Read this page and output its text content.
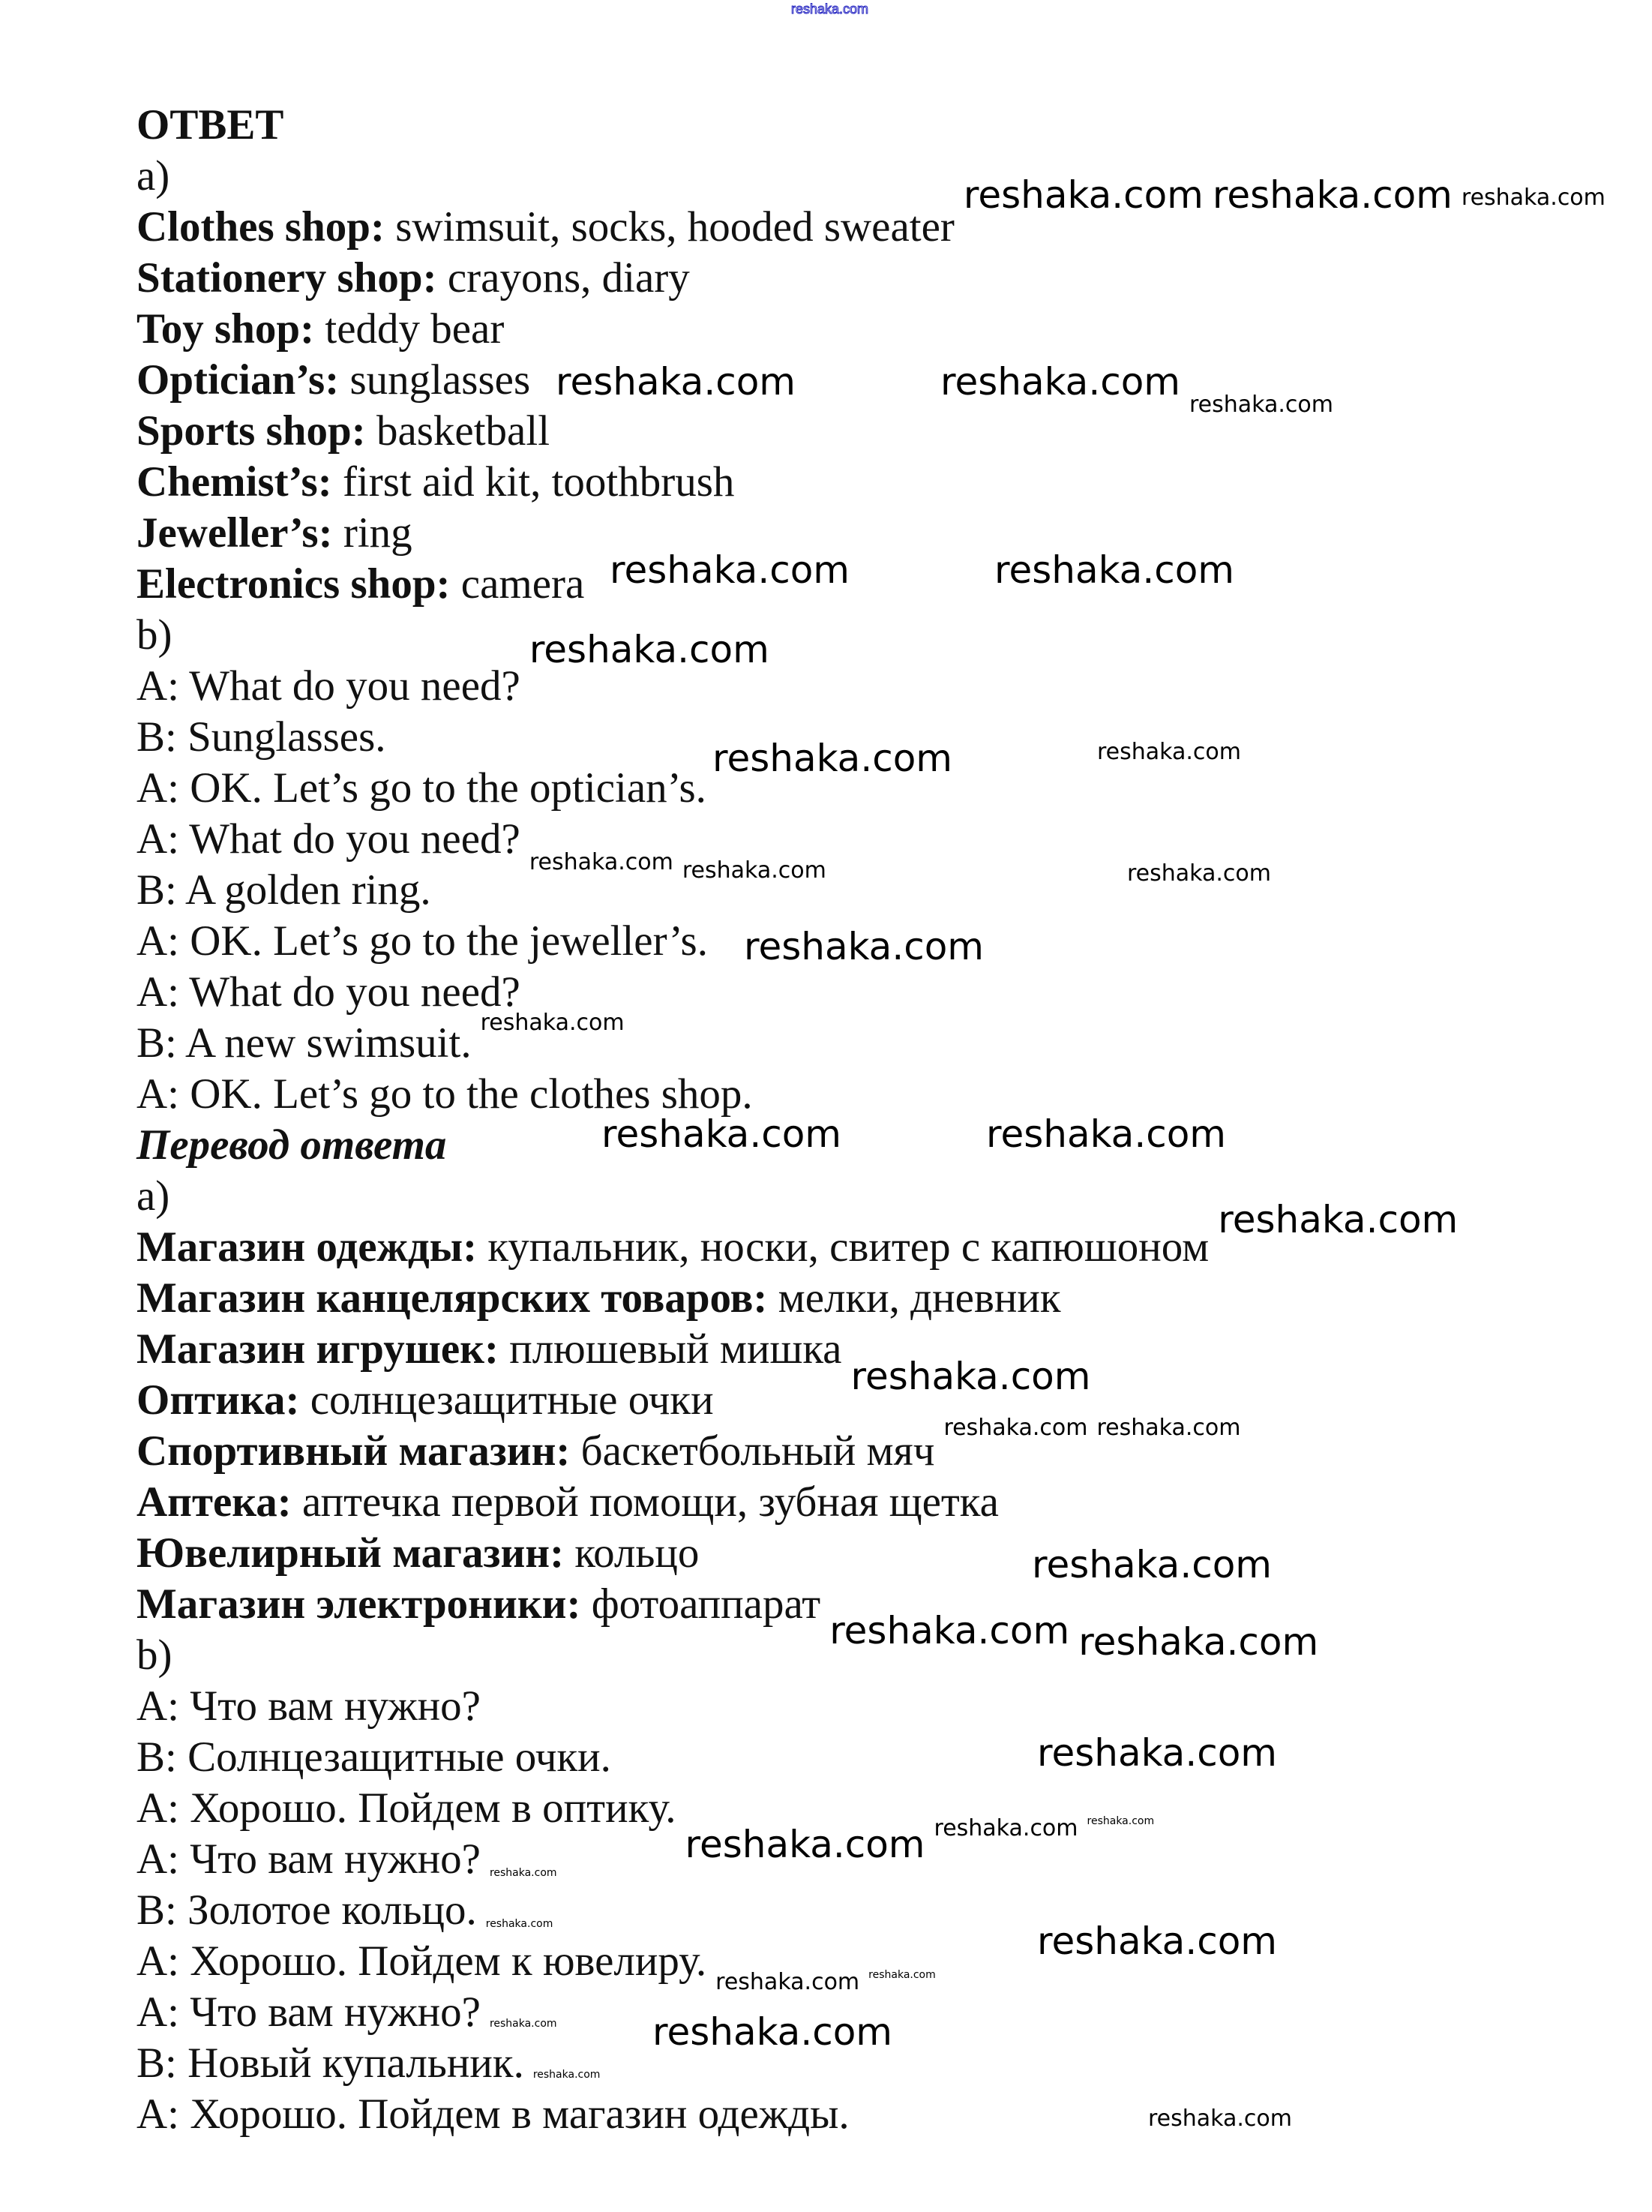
reshaka.com
ОТВЕТ
a)
Clothes shop: swimsuit, socks, hooded sweater
Stationery shop: crayons, diary
Toy shop: teddy bear
Optician’s: sunglasses
Sports shop: basketball
Chemist’s: first aid kit, toothbrush
Jeweller’s: ring
Electronics shop: camera
b)
A: What do you need?
B: Sunglasses.
A: OK. Let’s go to the optician’s.
A: What do you need?
B: A golden ring.
A: OK. Let’s go to the jeweller’s.
A: What do you need?
B: A new swimsuit.
A: OK. Let’s go to the clothes shop.
Перевод ответа
a)
Магазин одежды: купальник, носки, свитер с капюшоном
Магазин канцелярских товаров: мелки, дневник
Магазин игрушек: плюшевый мишка
Оптика: солнцезащитные очки
Спортивный магазин: баскетбольный мяч
Аптека: аптечка первой помощи, зубная щетка
Ювелирный магазин: кольцо
Магазин электроники: фотоаппарат
b)
A: Что вам нужно?
B: Солнцезащитные очки.
A: Хорошо. Пойдем в оптику.
A: Что вам нужно?
B: Золотое кольцо.
A: Хорошо. Пойдем к ювелиру.
A: Что вам нужно?
B: Новый купальник.
A: Хорошо. Пойдем в магазин одежды.
reshaka.com reshaka.com
reshaka.com	reshaka.com
reshaka.com	reshaka.com
reshaka.com
reshaka.com
reshaka.com
reshaka.com	reshaka.com
reshaka.com
reshaka.com
reshaka.com
reshaka.com reshaka.com
reshaka.com
reshaka.com
reshaka.com
reshaka.com
reshaka.com
reshaka.com
reshaka.com
reshaka.com reshaka.com	reshaka.com
reshaka.com
reshaka.com reshaka.com
reshaka.com
reshaka.com
reshaka.com
reshaka.com
reshaka.com
reshaka.com
reshaka.com
reshaka.com
reshaka.com
